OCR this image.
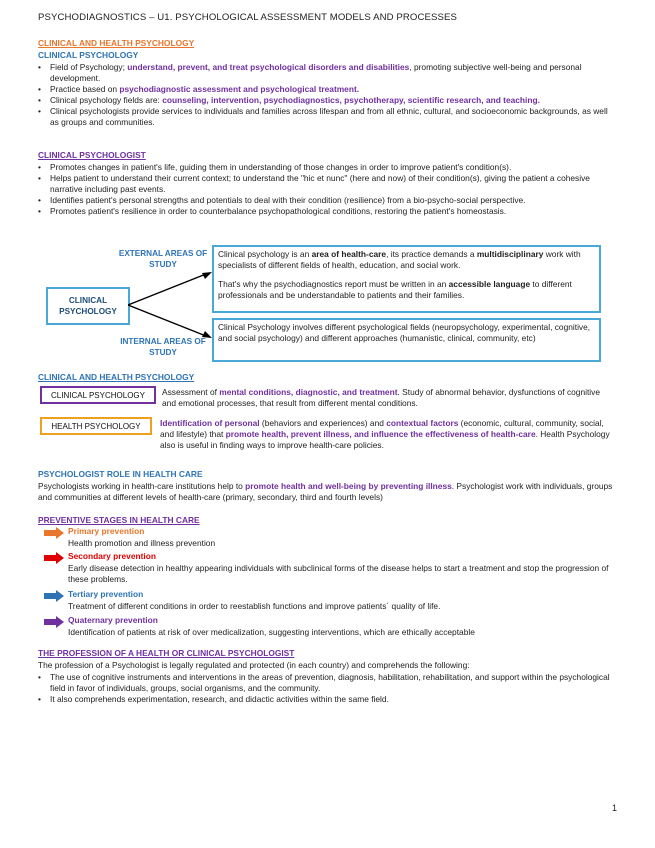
PSYCHODIAGNOSTICS – U1. PSYCHOLOGICAL ASSESSMENT MODELS AND PROCESSES
CLINICAL AND HEALTH PSYCHOLOGY
CLINICAL PSYCHOLOGY
• Field of Psychology; understand, prevent, and treat psychological disorders and disabilities, promoting subjective well-being and personal development.
• Practice based on psychodiagnostic assessment and psychological treatment.
• Clinical psychology fields are: counseling, intervention, psychodiagnostics, psychotherapy, scientific research, and teaching.
• Clinical psychologists provide services to individuals and families across lifespan and from all ethnic, cultural, and socioeconomic backgrounds, as well as groups and communities.
CLINICAL PSYCHOLOGIST
• Promotes changes in patient's life, guiding them in understanding of those changes in order to improve patient's condition(s).
• Helps patient to understand their current context; to understand the "hic et nunc" (here and now) of their condition(s), giving the patient a cohesive narrative including past events.
• Identifies patient's personal strengths and potentials to deal with their condition (resilience) from a bio-psycho-social perspective.
• Promotes patient's resilience in order to counterbalance psychopathological conditions, restoring the patient's homeostasis.
EXTERNAL AREAS OF STUDY
INTERNAL AREAS OF STUDY
CLINICAL PSYCHOLOGY
Clinical psychology is an area of health-care, its practice demands a multidisciplinary work with specialists of different fields of health, education, and social work.
That's why the psychodiagnostics report must be written in an accessible language to different professionals and be understandable to patients and their families.
Clinical Psychology involves different psychological fields (neuropsychology, experimental, cognitive, and social psychology) and different approaches (humanistic, clinical, community, etc)
CLINICAL AND HEALTH PSYCHOLOGY
CLINICAL PSYCHOLOGY Assessment of mental conditions, diagnostic, and treatment. Study of abnormal behavior, dysfunctions of cognitive and emotional processes, that result from different mental conditions.
HEALTH PSYCHOLOGY Identification of personal (behaviors and experiences) and contextual factors (economic, cultural, community, social, and lifestyle) that promote health, prevent illness, and influence the effectiveness of health-care. Health Psychology also is useful in finding ways to improve health-care policies.
PSYCHOLOGIST ROLE IN HEALTH CARE
Psychologists working in health-care institutions help to promote health and well-being by preventing illness. Psychologist work with individuals, groups and communities at different levels of health-care (primary, secondary, third and fourth levels)
PREVENTIVE STAGES IN HEALTH CARE
Primary prevention
Health promotion and illness prevention
Secondary prevention
Early disease detection in healthy appearing individuals with subclinical forms of the disease helps to start a treatment and stop the progression of these problems.
Tertiary prevention
Treatment of different conditions in order to reestablish functions and improve patients´ quality of life.
Quaternary prevention
Identification of patients at risk of over medicalization, suggesting interventions, which are ethically acceptable
THE PROFESSION OF A HEALTH OR CLINICAL PSYCHOLOGIST
The profession of a Psychologist is legally regulated and protected (in each country) and comprehends the following:
• The use of cognitive instruments and interventions in the areas of prevention, diagnosis, habilitation, rehabilitation, and support within the psychological field in favor of individuals, groups, social organisms, and the community.
• It also comprehends experimentation, research, and didactic activities within the same field.
1
